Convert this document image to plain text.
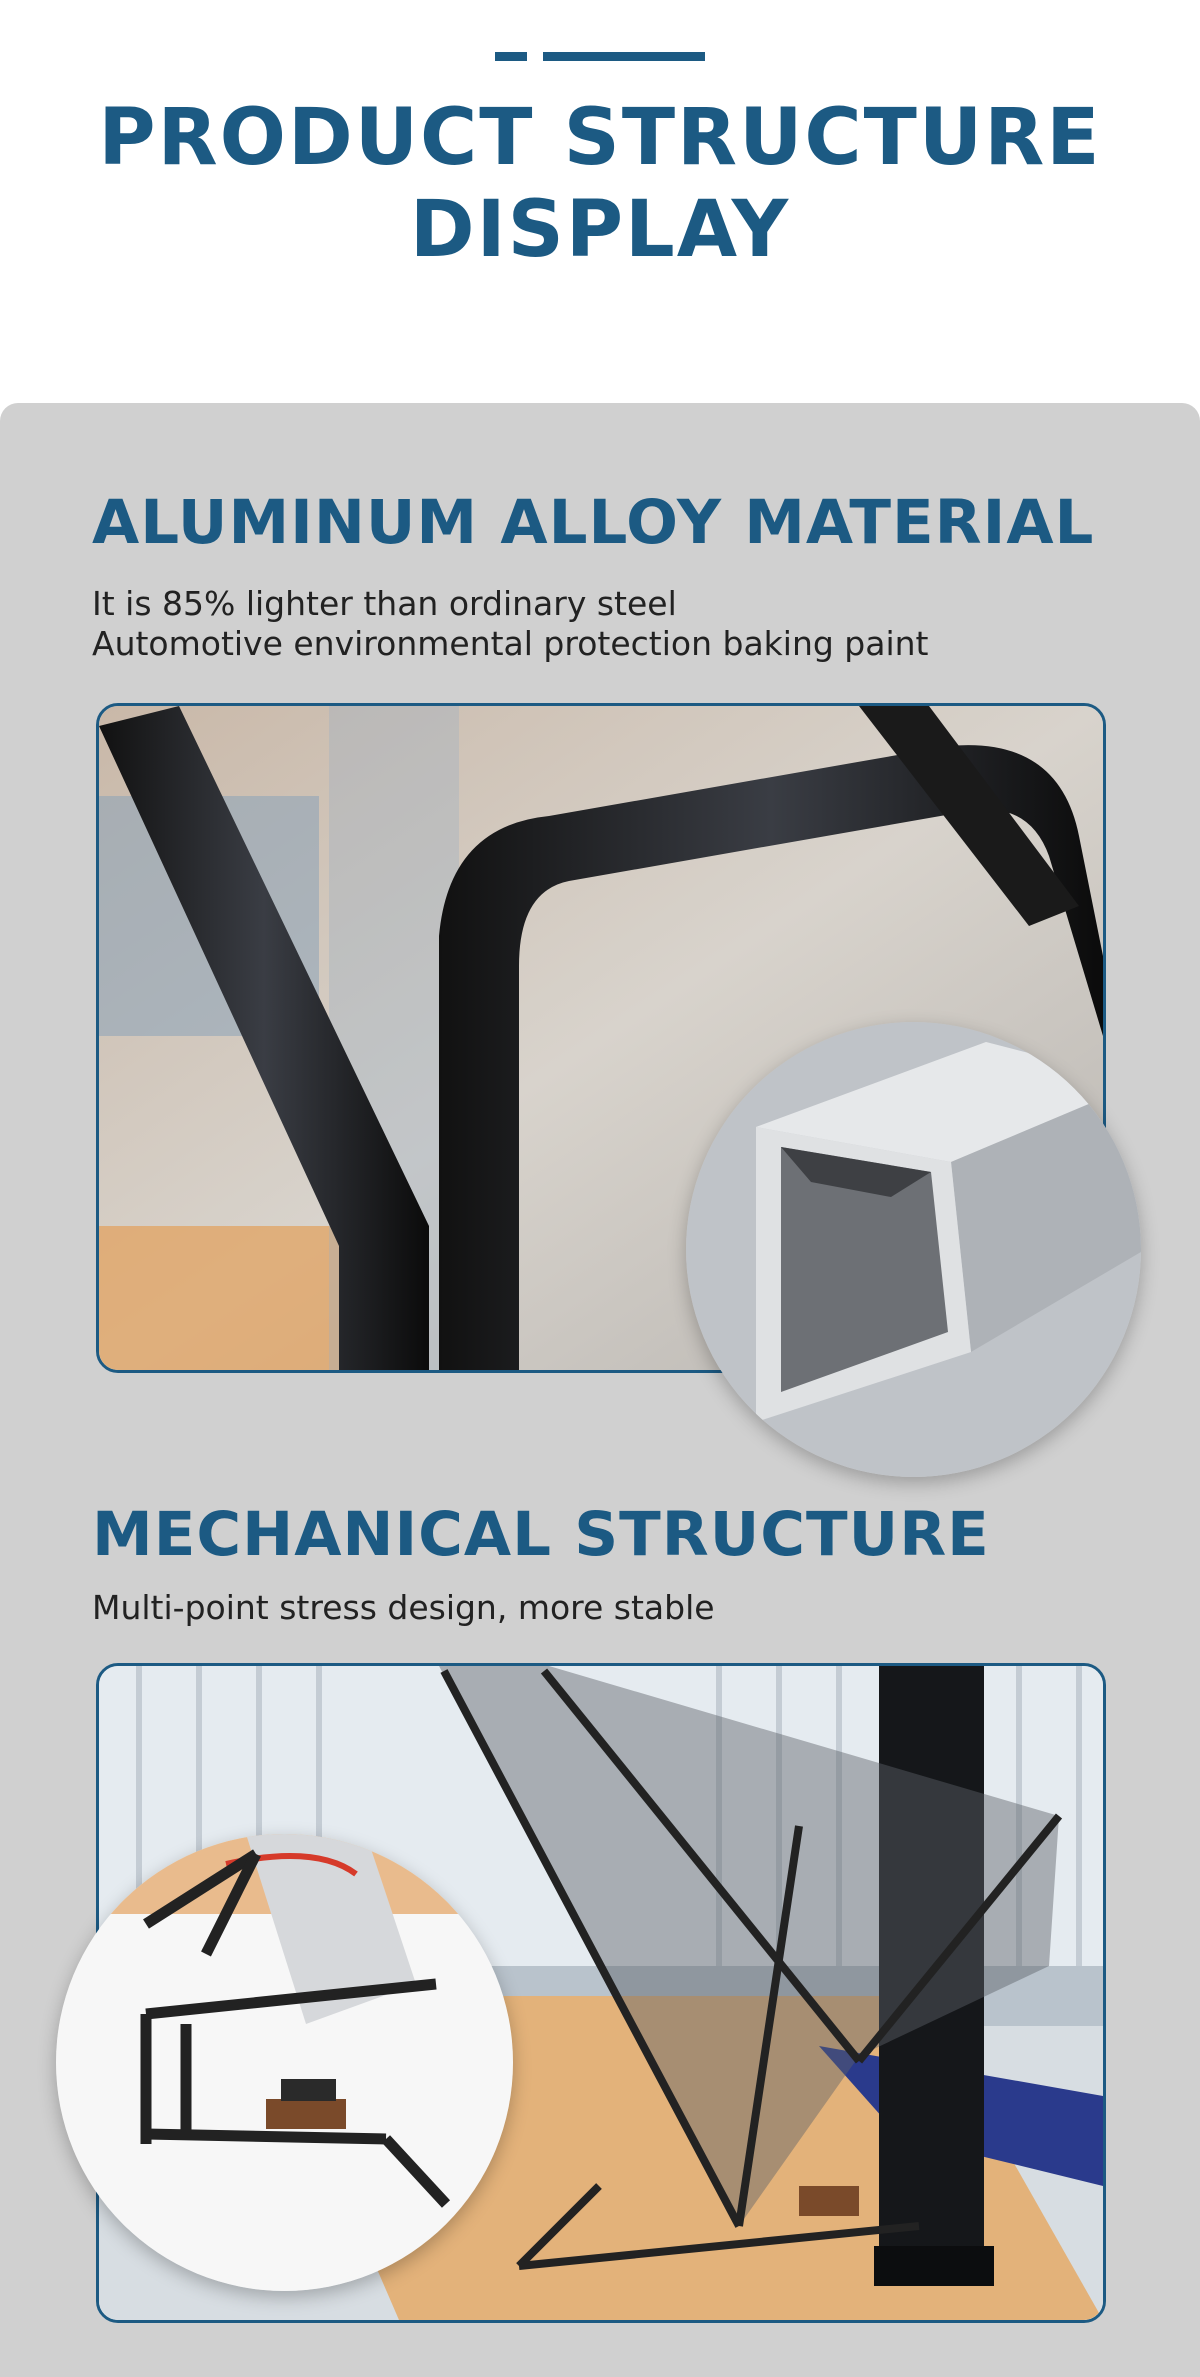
PRODUCT STRUCTURE
DISPLAY
ALUMINUM ALLOY MATERIAL
It is 85% lighter than ordinary steel
Automotive environmental protection baking paint
MECHANICAL STRUCTURE
Multi-point stress design, more stable
